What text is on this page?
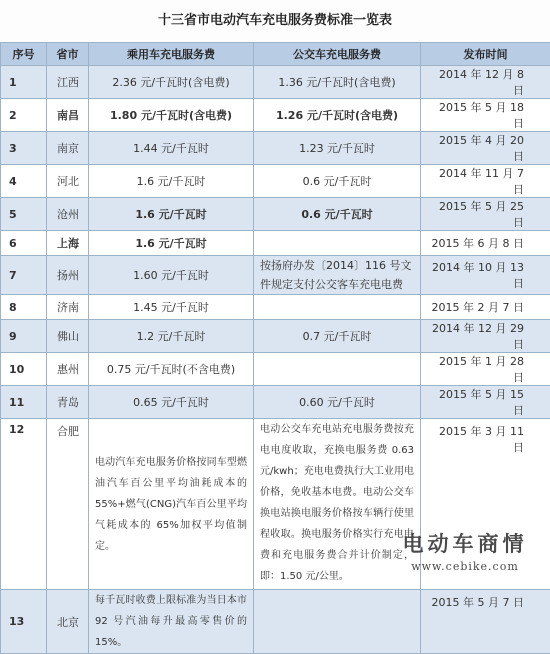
十三省市电动汽车充电服务费标准一览表
序号	省市	乘用车充电服务费	公交车充电服务费	发布时间
1	江西	2.36 元/千瓦时(含电费)	1.36 元/千瓦时(含电费)	2014 年 12 月 8 日
2	南昌	1.80 元/千瓦时(含电费)	1.26 元/千瓦时(含电费)	2015 年 5 月 18 日
3	南京	1.44 元/千瓦时	1.23 元/千瓦时	2015 年 4 月 20 日
4	河北	1.6 元/千瓦时	0.6 元/千瓦时	2014 年 11 月 7 日
5	沧州	1.6 元/千瓦时	0.6 元/千瓦时	2015 年 5 月 25 日
6	上海	1.6 元/千瓦时		2015 年 6 月 8 日
7	扬州	1.60 元/千瓦时	按扬府办发〔2014〕116 号文件规定支付公交客车充电电费	2014 年 10 月 13 日
8	济南	1.45 元/千瓦时		2015 年 2 月 7 日
9	佛山	1.2 元/千瓦时	0.7 元/千瓦时	2014 年 12 月 29 日
10	惠州	0.75 元/千瓦时(不含电费)		2015 年 1 月 28 日
11	青岛	0.65 元/千瓦时	0.60 元/千瓦时	2015 年 5 月 15 日
12	合肥	电动汽车充电服务价格按同车型燃油汽车百公里平均油耗成本的 55%+燃气(CNG)汽车百公里平均气耗成本的 65%加权平均值制定。	电动公交车充电站充电服务费按充电电度收取，充换电服务费 0.63 元/kwh；充电电费执行大工业用电价格，免收基本电费。电动公交车换电站换电服务价格按车辆行使里程收取。换电服务价格实行充电电费和充电服务费合并计价制定，即：1.50 元/公里。	2015 年 3 月 11 日
13	北京	每千瓦时收费上限标准为当日本市 92 号汽油每升最高零售价的 15%。		2015 年 5 月 7 日
电动车商情
www.cebike.com
